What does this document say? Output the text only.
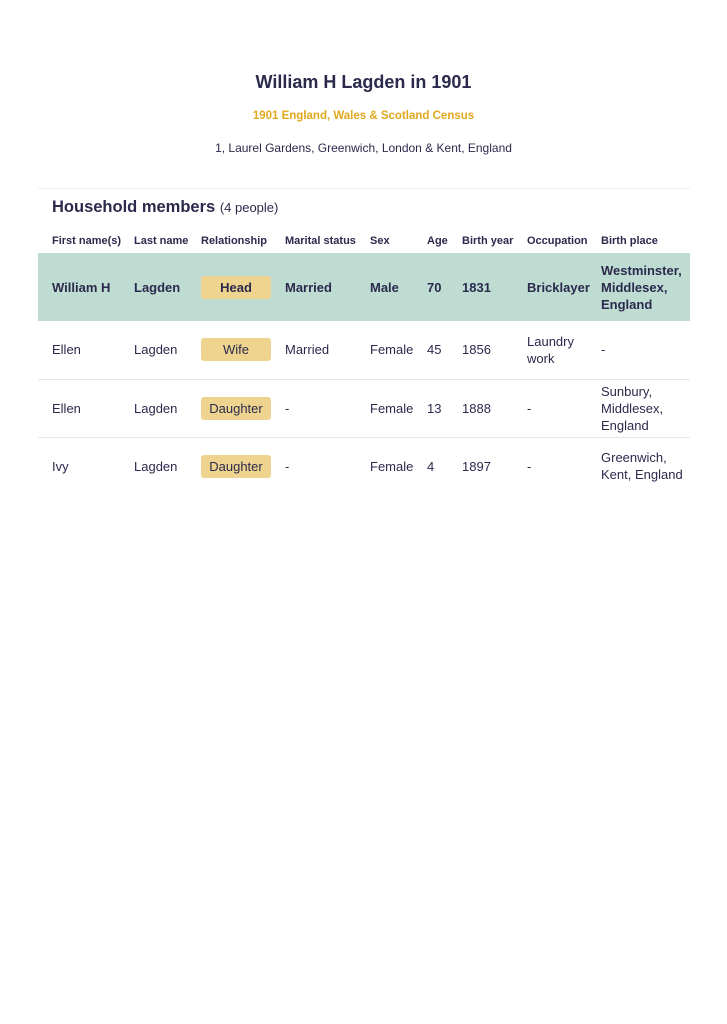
William H Lagden in 1901
1901 England, Wales & Scotland Census
1, Laurel Gardens, Greenwich, London & Kent, England
Household members (4 people)
First name(s)	Last name	Relationship	Marital status	Sex	Age	Birth year	Occupation	Birth place
William H	Lagden	Head	Married	Male	70	1831	Bricklayer	Westminster, Middlesex, England
Ellen	Lagden	Wife	Married	Female	45	1856	Laundry work	-
Ellen	Lagden	Daughter	-	Female	13	1888	-	Sunbury, Middlesex, England
Ivy	Lagden	Daughter	-	Female	4	1897	-	Greenwich, Kent, England
